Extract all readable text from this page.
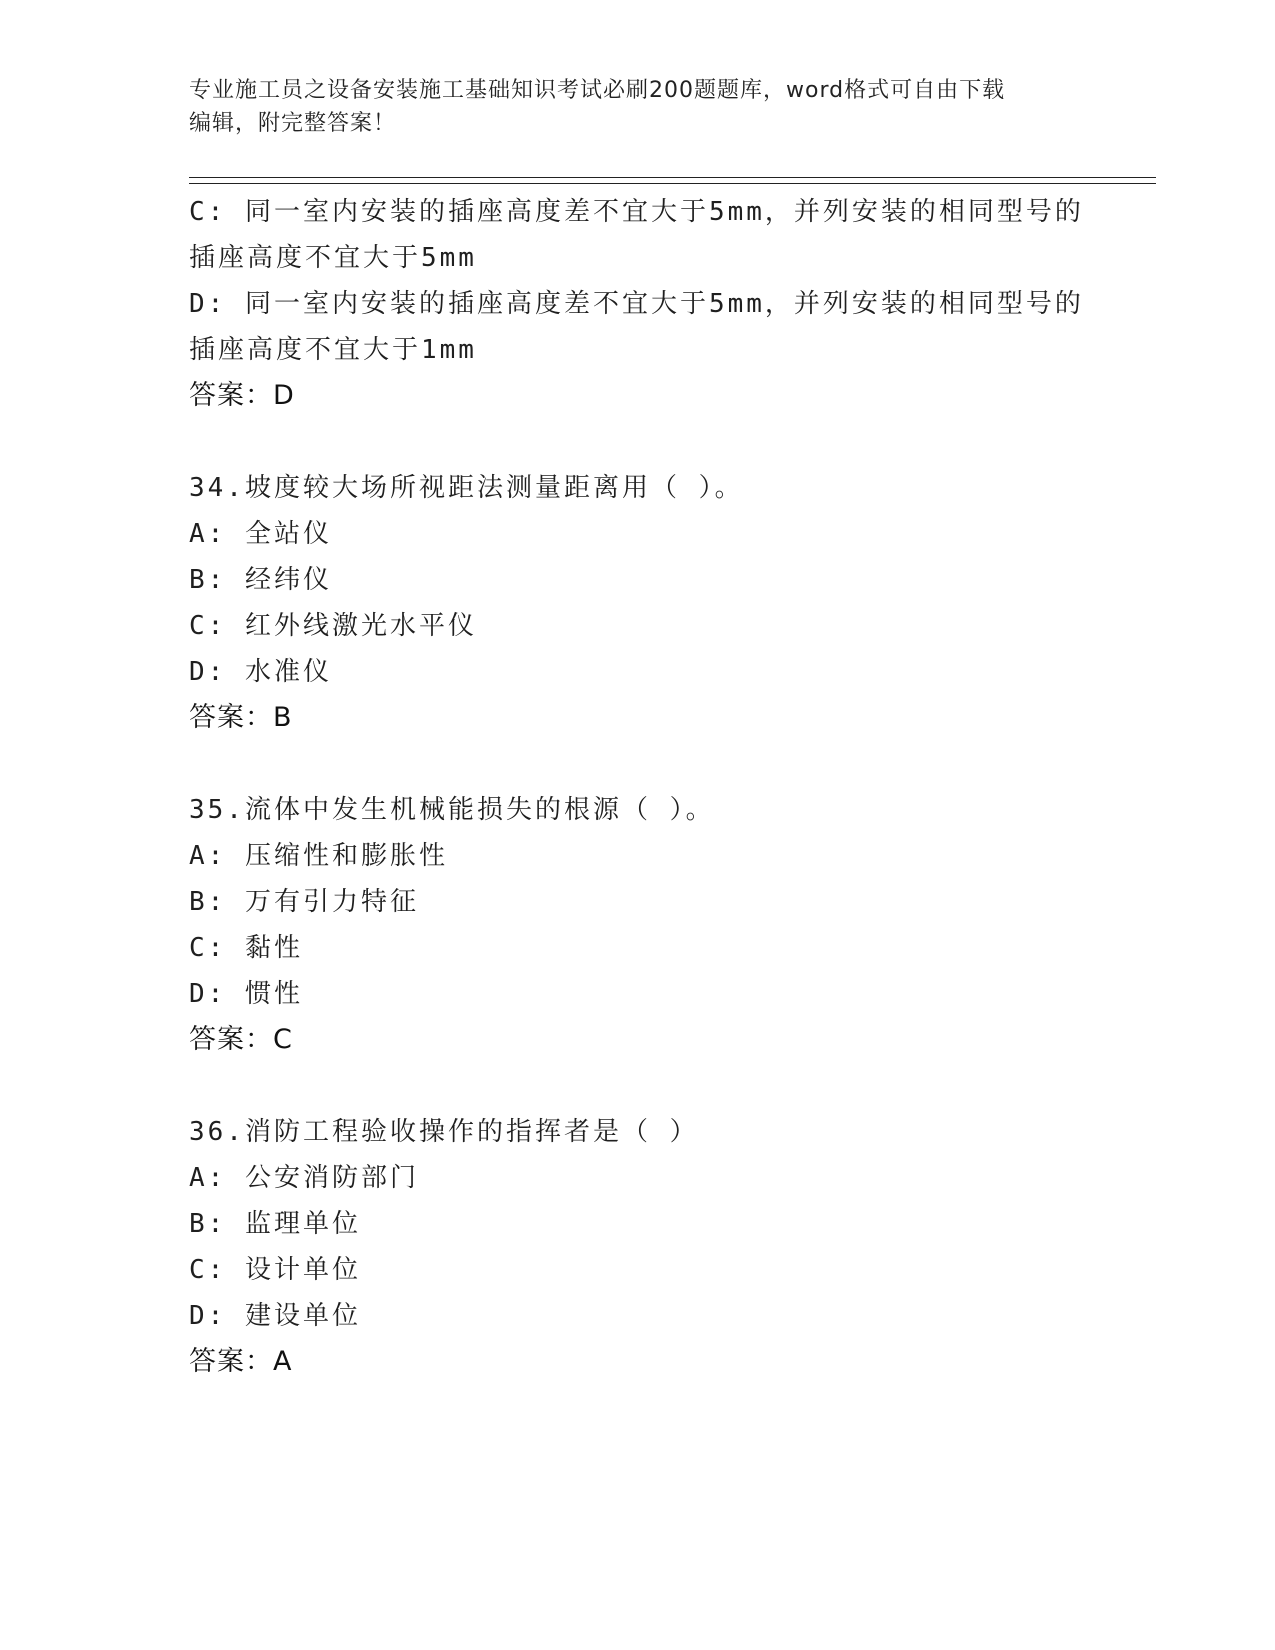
专业施工员之设备安装施工基础知识考试必刷200题题库，word格式可自由下载
编辑，附完整答案！
C: 同一室内安装的插座高度差不宜大于5mm，并列安装的相同型号的
插座高度不宜大于5mm
D: 同一室内安装的插座高度差不宜大于5mm，并列安装的相同型号的
插座高度不宜大于1mm
答案：D
34.坡度较大场所视距法测量距离用（ ）。
A: 全站仪
B: 经纬仪
C: 红外线激光水平仪
D: 水准仪
答案：B
35.流体中发生机械能损失的根源（ ）。
A: 压缩性和膨胀性
B: 万有引力特征
C: 黏性
D: 惯性
答案：C
36.消防工程验收操作的指挥者是（ ）
A: 公安消防部门
B: 监理单位
C: 设计单位
D: 建设单位
答案：A
